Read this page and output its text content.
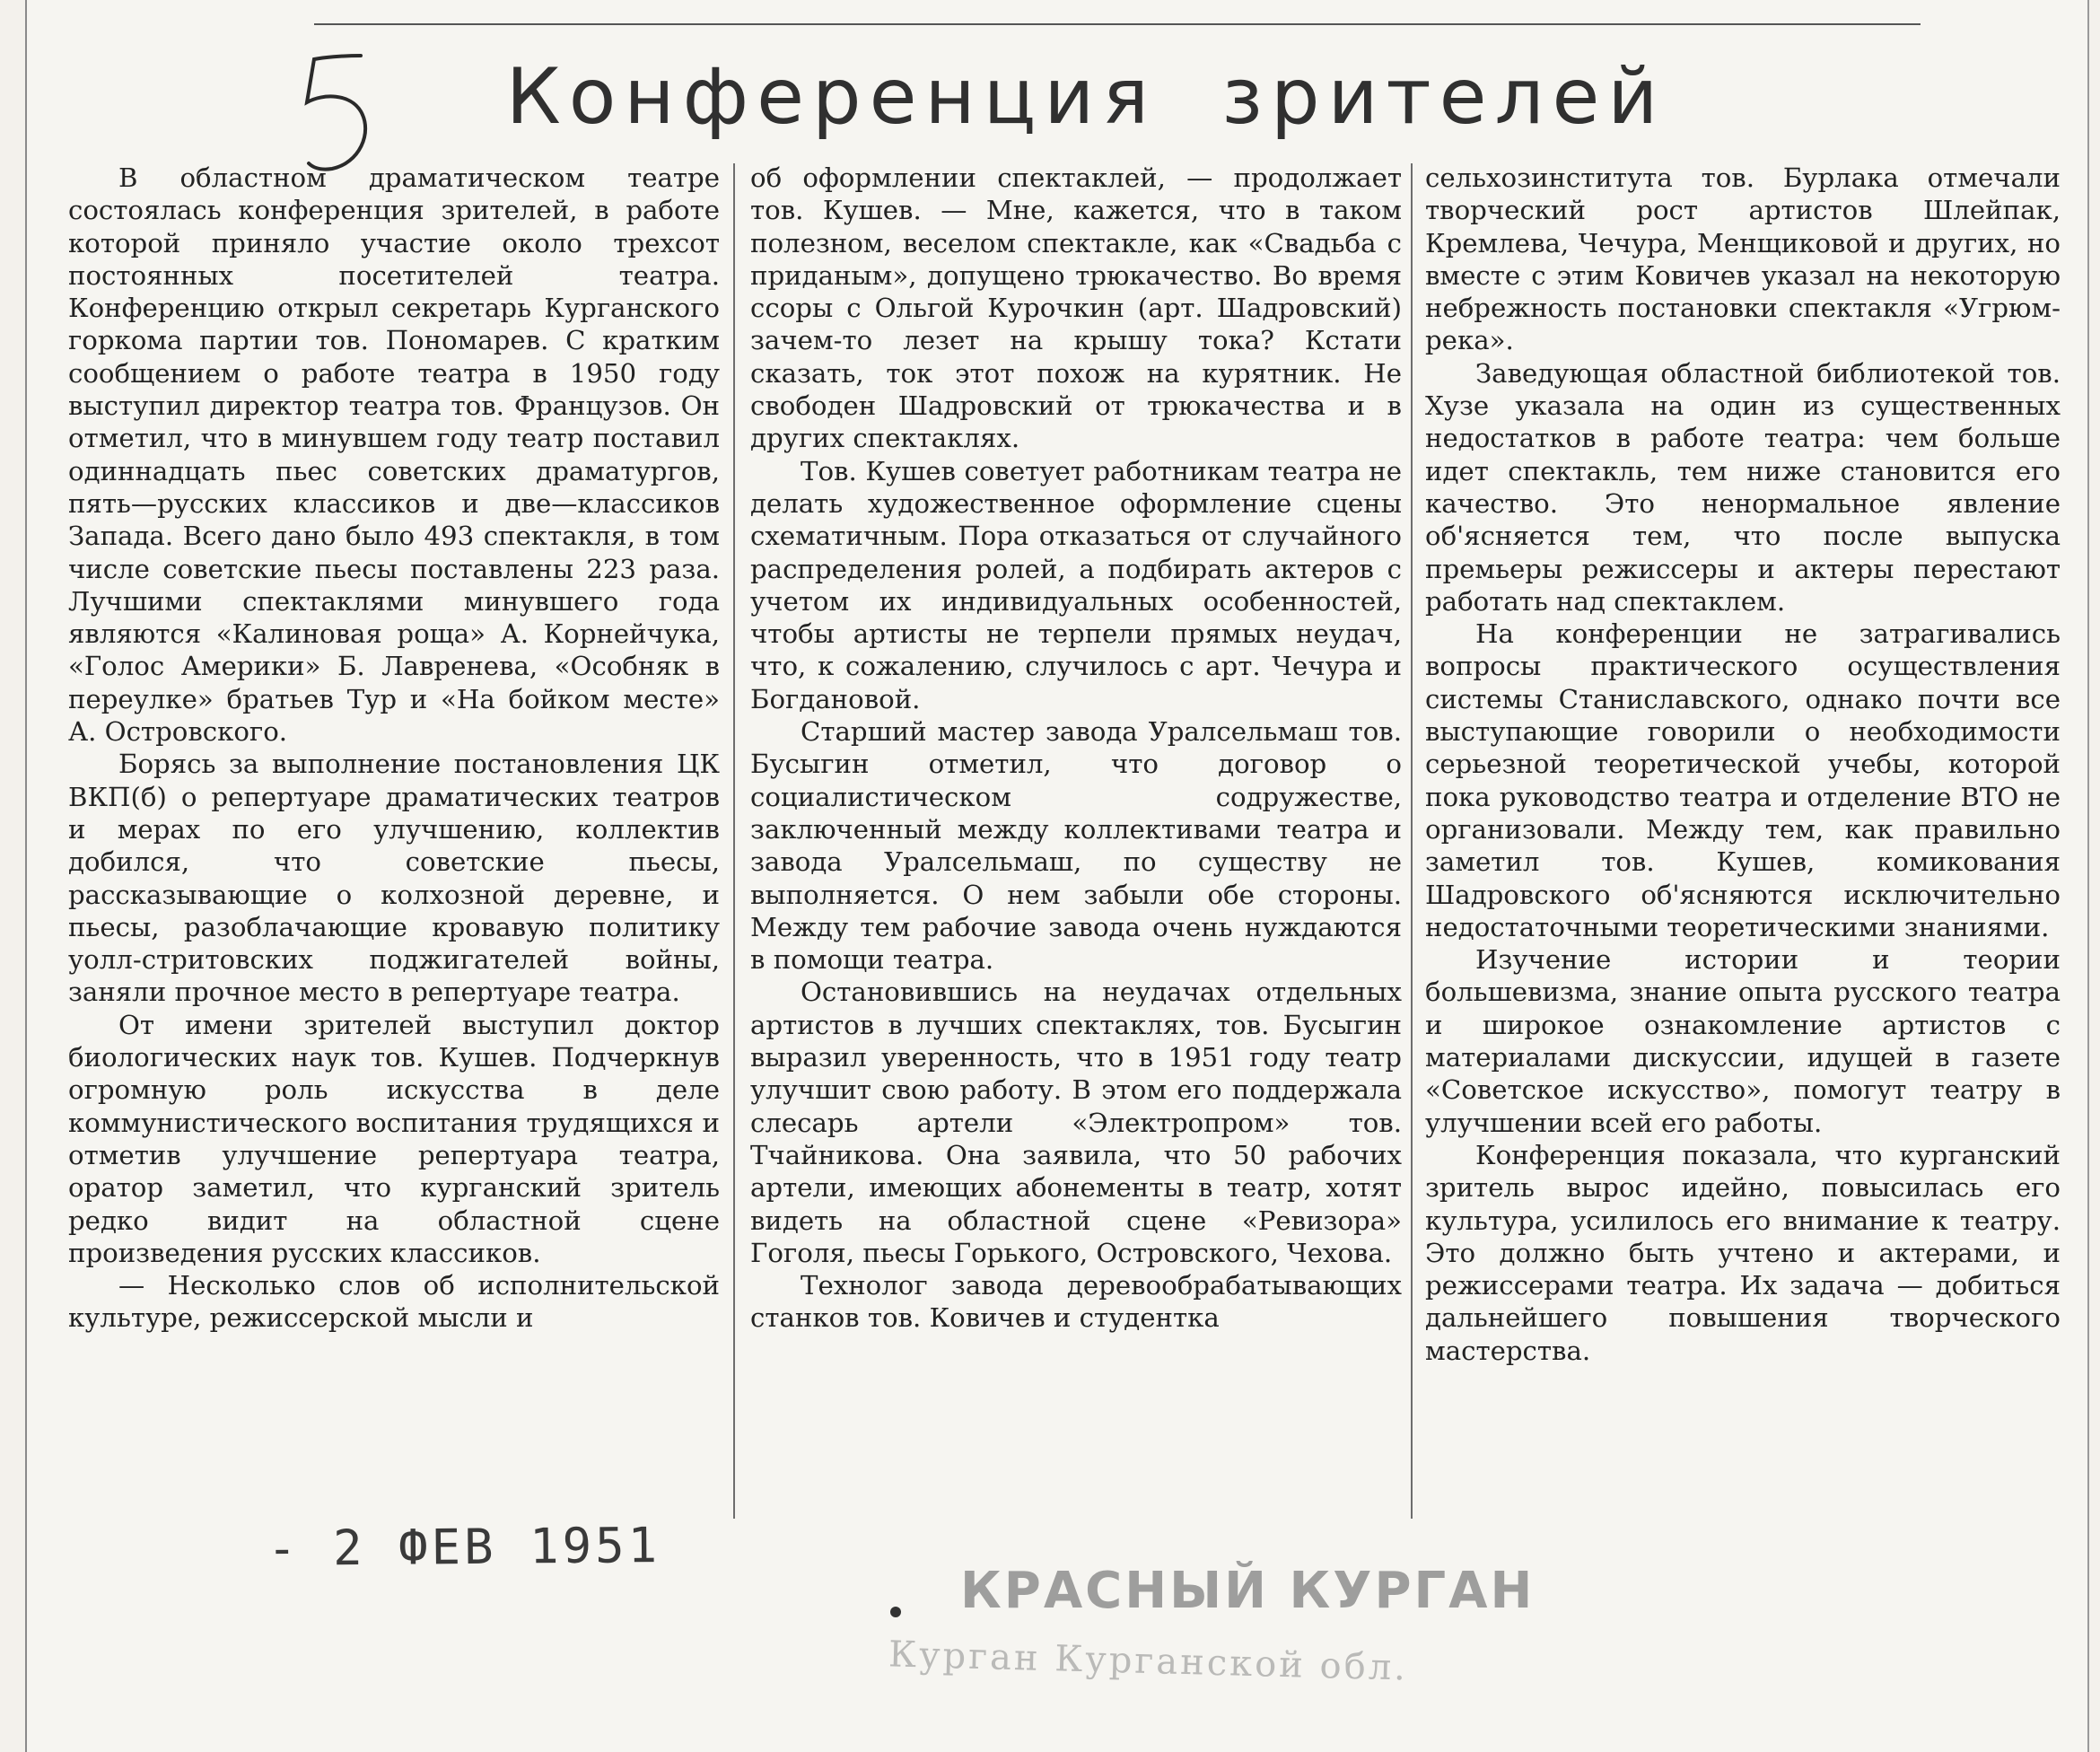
Конференция зрителей

В областном драматическом театре состоялась конференция зрителей, в работе которой приняло участие около трехсот постоянных посетителей театра. Конференцию открыл секретарь Курганского горкома партии тов. Пономарев. С кратким сообщением о работе театра в 1950 году выступил директор театра тов. Французов. Он отметил, что в минувшем году театр поставил одиннадцать пьес советских драматургов, пять—русских классиков и две—классиков Запада. Всего дано было 493 спектакля, в том числе советские пьесы поставлены 223 раза. Лучшими спектаклями минувшего года являются «Калиновая роща» А. Корнейчука, «Голос Америки» Б. Лавренева, «Особняк в переулке» братьев Тур и «На бойком месте» А. Островского.

Борясь за выполнение постановления ЦК ВКП(б) о репертуаре драматических театров и мерах по его улучшению, коллектив добился, что советские пьесы, рассказывающие о колхозной деревне, и пьесы, разоблачающие кровавую политику уолл-стритовских поджигателей войны, заняли прочное место в репертуаре театра.

От имени зрителей выступил доктор биологических наук тов. Кушев. Подчеркнув огромную роль искусства в деле коммунистического воспитания трудящихся и отметив улучшение репертуара театра, оратор заметил, что курганский зритель редко видит на областной сцене произведения русских классиков.

— Несколько слов об исполнительской культуре, режиссерской мысли и

об оформлении спектаклей, — продолжает тов. Кушев. — Мне, кажется, что в таком полезном, веселом спектакле, как «Свадьба с приданым», допущено трюкачество. Во время ссоры с Ольгой Курочкин (арт. Шадровский) зачем-то лезет на крышу тока? Кстати сказать, ток этот похож на курятник. Не свободен Шадровский от трюкачества и в других спектаклях.

Тов. Кушев советует работникам театра не делать художественное оформление сцены схематичным. Пора отказаться от случайного распределения ролей, а подбирать актеров с учетом их индивидуальных особенностей, чтобы артисты не терпели прямых неудач, что, к сожалению, случилось с арт. Чечура и Богдановой.

Старший мастер завода Уралсельмаш тов. Бусыгин отметил, что договор о социалистическом содружестве, заключенный между коллективами театра и завода Уралсельмаш, по существу не выполняется. О нем забыли обе стороны. Между тем рабочие завода очень нуждаются в помощи театра.

Остановившись на неудачах отдельных артистов в лучших спектаклях, тов. Бусыгин выразил уверенность, что в 1951 году театр улучшит свою работу. В этом его поддержала слесарь артели «Электропром» тов. Тчайникова. Она заявила, что 50 рабочих артели, имеющих абонементы в театр, хотят видеть на областной сцене «Ревизора» Гоголя, пьесы Горького, Островского, Чехова.

Технолог завода деревообрабатывающих станков тов. Ковичев и студентка

сельхозинститута тов. Бурлака отмечали творческий рост артистов Шлейпак, Кремлева, Чечура, Менщиковой и других, но вместе с этим Ковичев указал на некоторую небрежность постановки спектакля «Угрюм-река».

Заведующая областной библиотекой тов. Хузе указала на один из существенных недостатков в работе театра: чем больше идет спектакль, тем ниже становится его качество. Это ненормальное явление об'ясняется тем, что после выпуска премьеры режиссеры и актеры перестают работать над спектаклем.

На конференции не затрагивались вопросы практического осуществления системы Станиславского, однако почти все выступающие говорили о необходимости серьезной теоретической учебы, которой пока руководство театра и отделение ВТО не организовали. Между тем, как правильно заметил тов. Кушев, комикования Шадровского об'ясняются исключительно недостаточными теоретическими знаниями.

Изучение истории и теории большевизма, знание опыта русского театра и широкое ознакомление артистов с материалами дискуссии, идущей в газете «Советское искусство», помогут театру в улучшении всей его работы.

Конференция показала, что курганский зритель вырос идейно, повысилась его культура, усилилось его внимание к театру. Это должно быть учтено и актерами, и режиссерами театра. Их задача — добиться дальнейшего повышения творческого мастерства.

- 2 ФЕВ 1951
КРАСНЫЙ КУРГАН
Курган Курганской обл.
